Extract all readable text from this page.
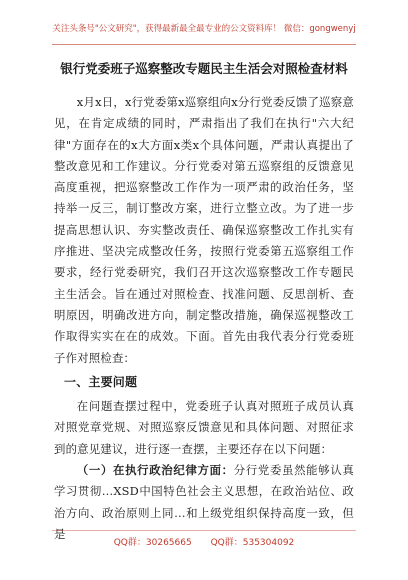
关注头条号"公文研究"，获得最新最全最专业的公文资料库！ 微信：gongwenyj
银行党委班子巡察整改专题民主生活会对照检查材料

x月x日，x行党委第x巡察组向x分行党委反馈了巡察意见，在肯定成绩的同时，严肃指出了我们在执行"六大纪律"方面存在的x大方面x类x个具体问题，严肃认真提出了整改意见和工作建议。分行党委对第五巡察组的反馈意见高度重视，把巡察整改工作作为一项严肃的政治任务，坚持举一反三，制订整改方案，进行立整立改。为了进一步提高思想认识、夯实整改责任、确保巡察整改工作扎实有序推进、坚决完成整改任务，按照行党委第五巡察组工作要求，经行党委研究，我们召开这次巡察整改工作专题民主生活会。旨在通过对照检查、找准问题、反思剖析、查明原因，明确改进方向，制定整改措施，确保巡视整改工作取得实实在在的成效。下面。首先由我代表分行党委班子作对照检查：

一、主要问题

在问题查摆过程中，党委班子认真对照班子成员认真对照党章党规、对照巡察反馈意见和具体问题、对照征求到的意见建议，进行逐一查摆，主要还存在以下问题：

（一）在执行政治纪律方面：分行党委虽然能够认真学习贯彻…XSD中国特色社会主义思想，在政治站位、政治方向、政治原则上同…和上级党组织保持高度一致，但是

QQ群：30265665 QQ群：535304092
